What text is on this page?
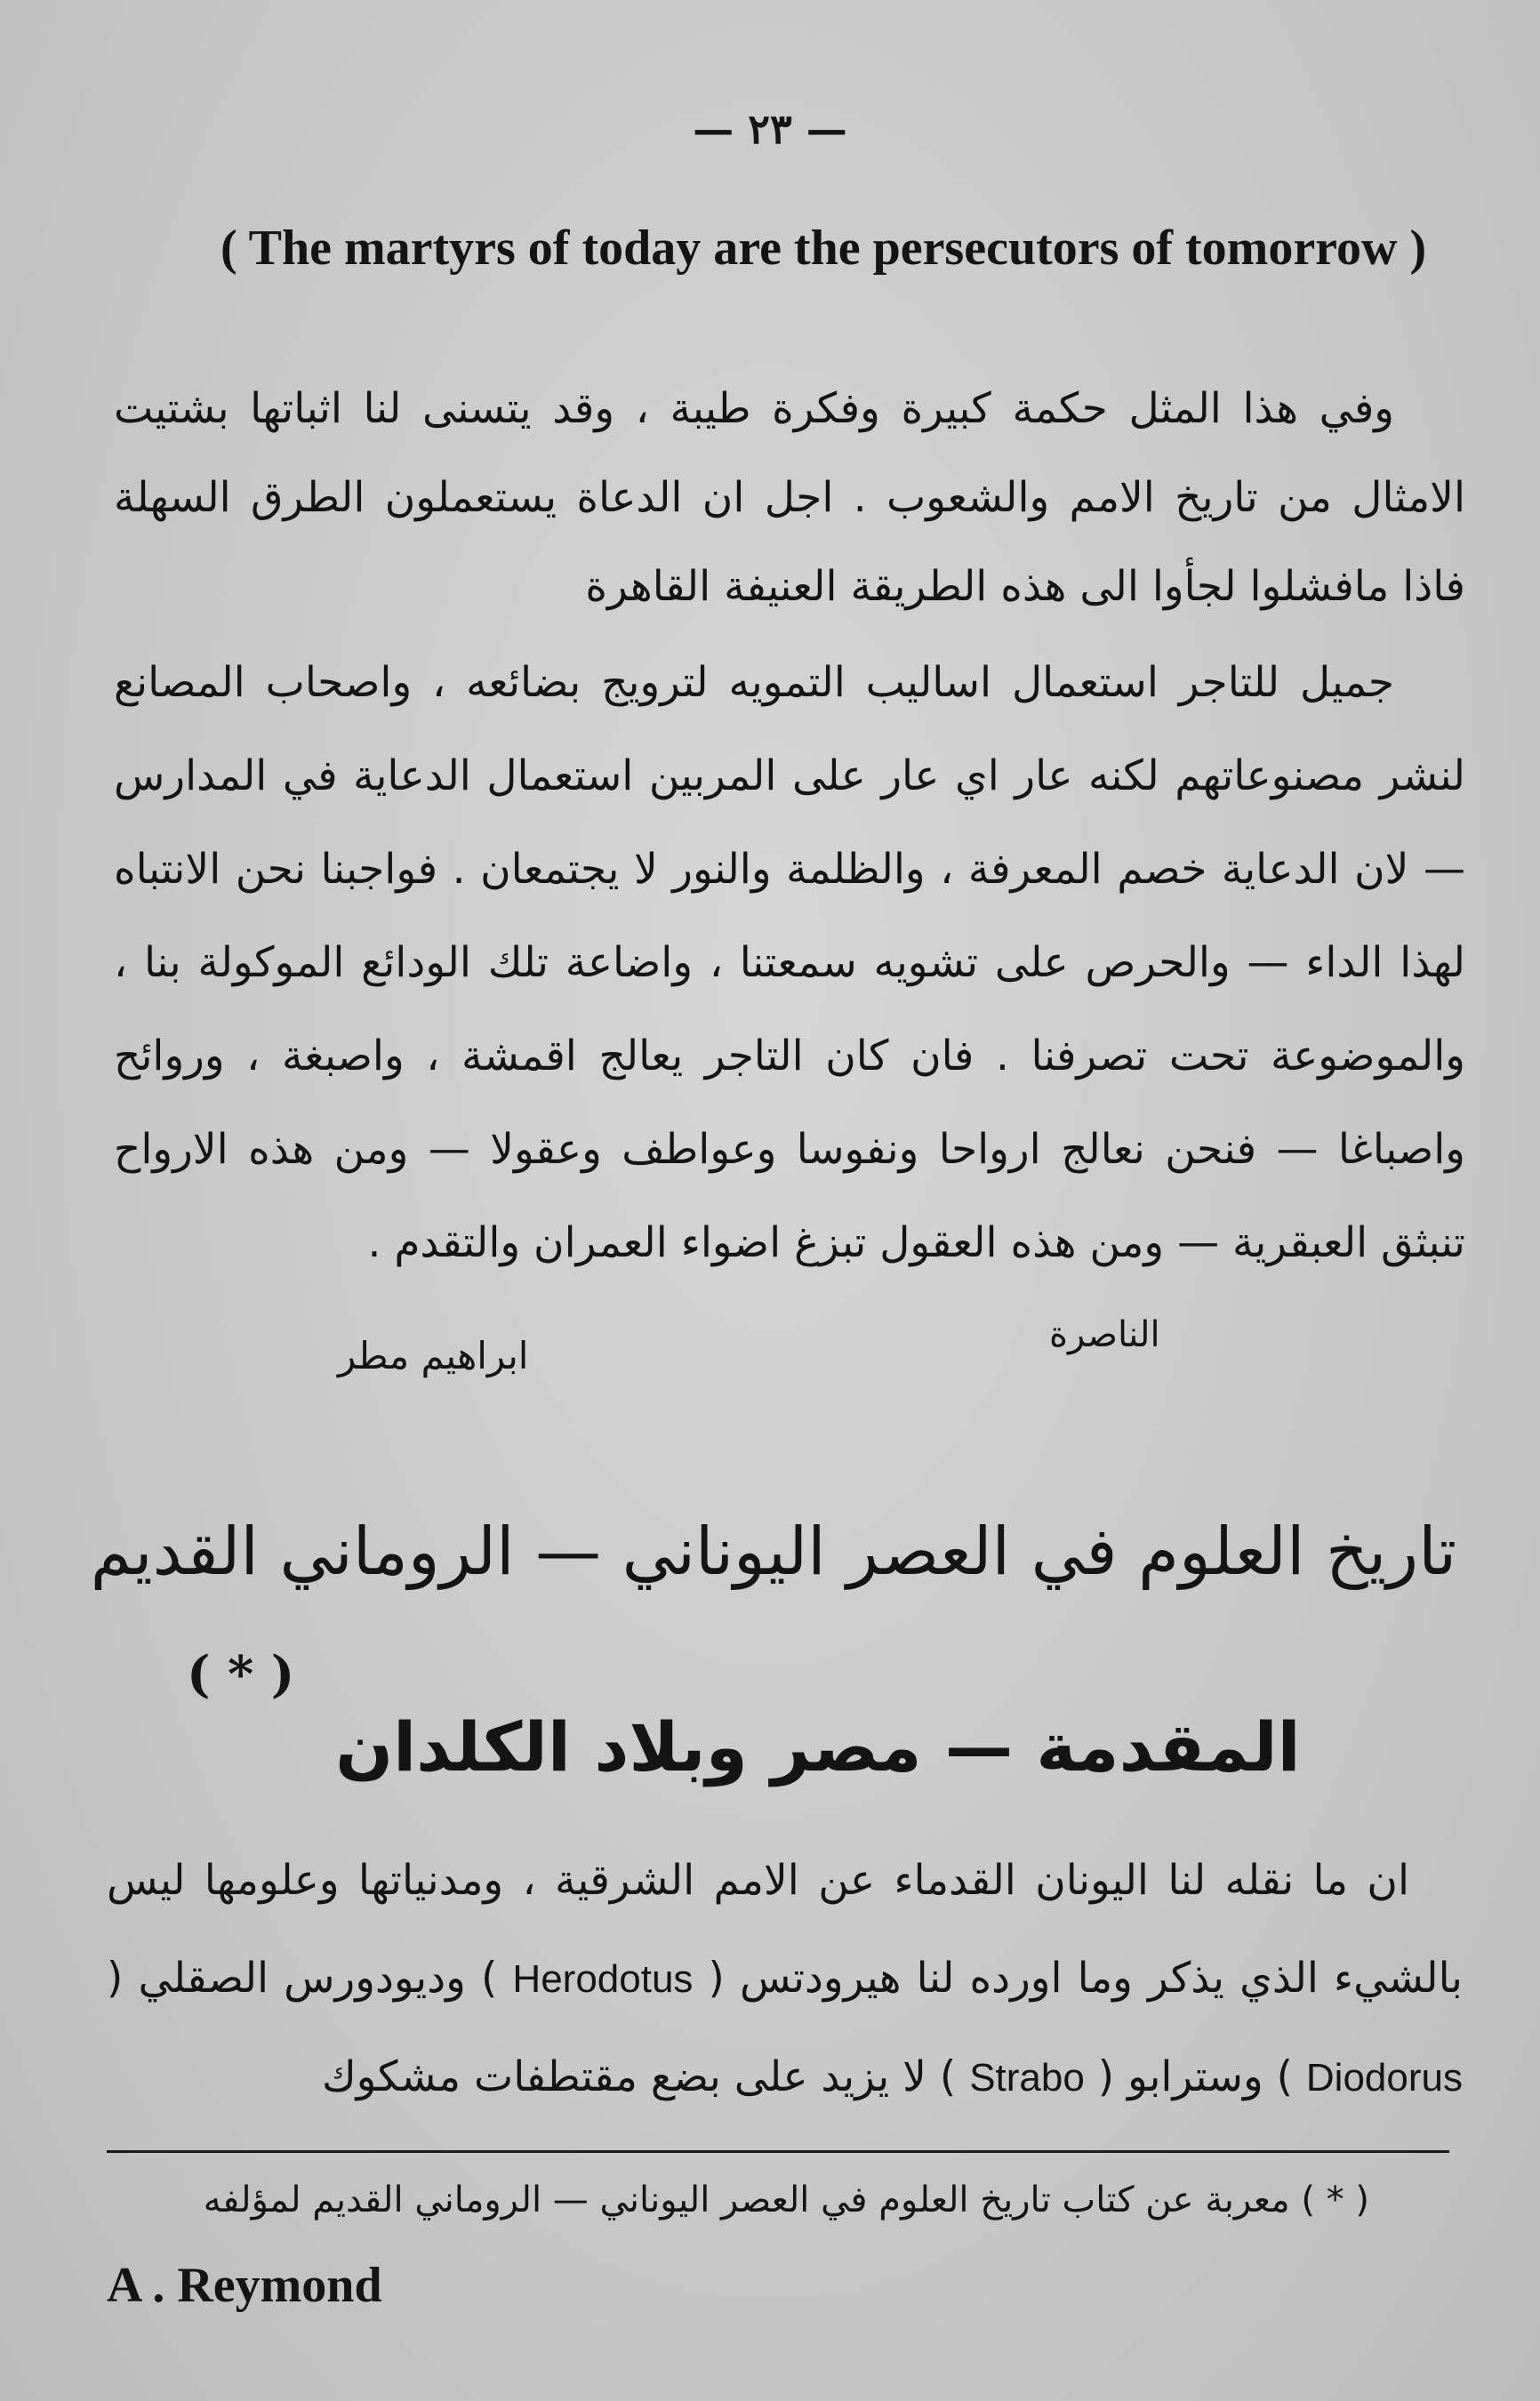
— ٢٣ —
( The martyrs of today are the persecutors of tomorrow )
وفي هذا المثل حكمة كبيرة وفكرة طيبة ، وقد يتسنى لنا اثباتها بشتيت الامثال من تاريخ الامم والشعوب . اجل ان الدعاة يستعملون الطرق السهلة فاذا مافشلوا لجأوا الى هذه الطريقة العنيفة القاهرة
جميل للتاجر استعمال اساليب التمويه لترويج بضائعه ، واصحاب المصانع لنشر مصنوعاتهم لكنه عار اي عار على المربين استعمال الدعاية في المدارس — لان الدعاية خصم المعرفة ، والظلمة والنور لا يجتمعان . فواجبنا نحن الانتباه لهذا الداء — والحرص على تشويه سمعتنا ، واضاعة تلك الودائع الموكولة بنا ، والموضوعة تحت تصرفنا . فان كان التاجر يعالج اقمشة ، واصبغة ، وروائح واصباغا — فنحن نعالج ارواحا ونفوسا وعواطف وعقولا — ومن هذه الارواح تنبثق العبقرية — ومن هذه العقول تبزغ اضواء العمران والتقدم .
الناصرة
ابراهيم مطر
تاريخ العلوم في العصر اليوناني — الروماني القديم
( * )
المقدمة — مصر وبلاد الكلدان
ان ما نقله لنا اليونان القدماء عن الامم الشرقية ، ومدنياتها وعلومها ليس بالشيء الذي يذكر وما اورده لنا هيرودتس ( Herodotus ) وديودورس الصقلي ( Diodorus ) وسترابو ( Strabo ) لا يزيد على بضع مقتطفات مشكوك
( * ) معربة عن كتاب تاريخ العلوم في العصر اليوناني — الروماني القديم لمؤلفه
A . Reymond
